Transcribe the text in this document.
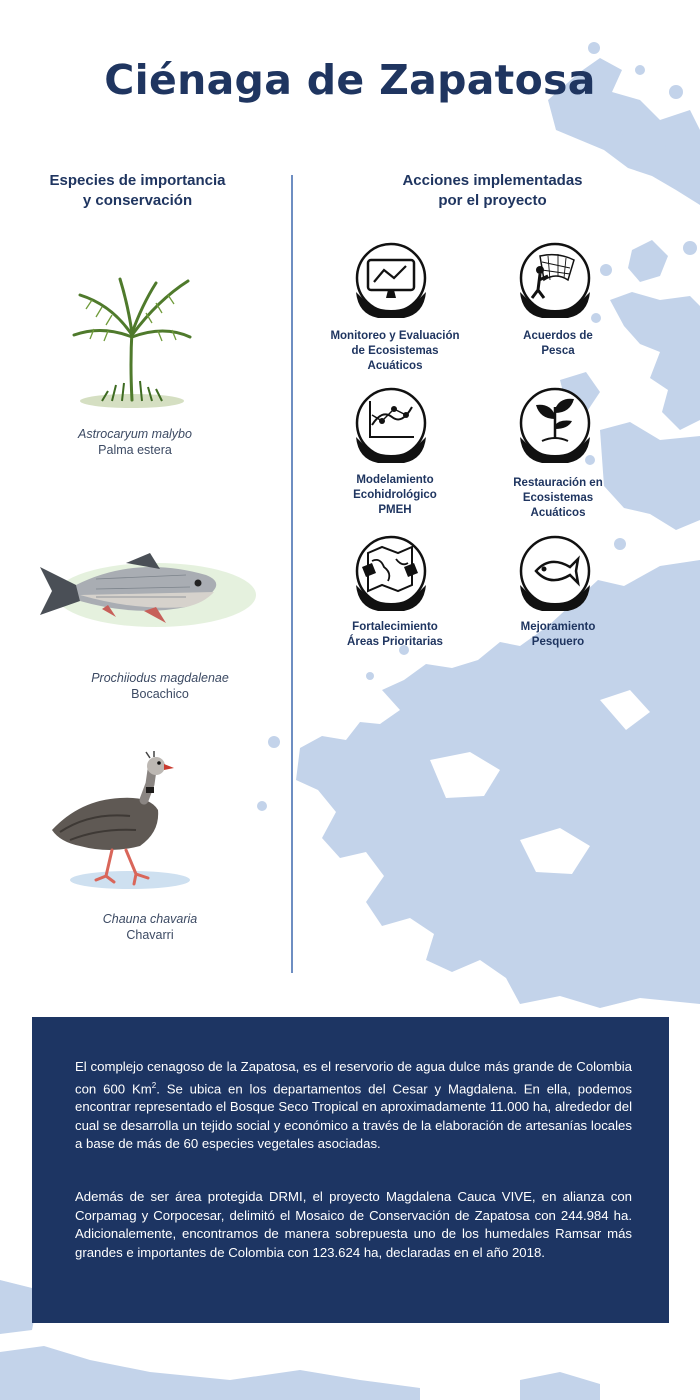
Ciénaga de Zapatosa
Especies de importancia
y conservación
Acciones implementadas
por el proyecto
Astrocaryum malybo
Palma estera
Prochiiodus magdalenae
Bocachico
Chauna chavaria
Chavarri
Monitoreo y Evaluación
de Ecosistemas
Acuáticos
Acuerdos de
Pesca
Modelamiento
Ecohidrológico
PMEH
Restauración en
Ecosistemas
Acuáticos
Fortalecimiento
Áreas Prioritarias
Mejoramiento
Pesquero

El complejo cenagoso de la Zapatosa, es el reservorio de agua dulce más grande de Colombia con 600 Km$^2$. Se ubica en los departamentos del Cesar y Magdalena. En ella, podemos encontrar representado el Bosque Seco Tropical en aproximadamente 11.000 ha, alrededor del cual se desarrolla un tejido social y económico a través de la elaboración de artesanías locales a base de más de 60 especies vegetales asociadas.

Además de ser área protegida DRMI, el proyecto Magdalena Cauca VIVE, en alianza con Corpamag y Corpocesar, delimitó el Mosaico de Conservación de Zapatosa con 244.984 ha. Adicionalemente, encontramos de manera sobrepuesta uno de los humedales Ramsar más grandes e importantes de Colombia con 123.624 ha, declaradas en el año 2018.
